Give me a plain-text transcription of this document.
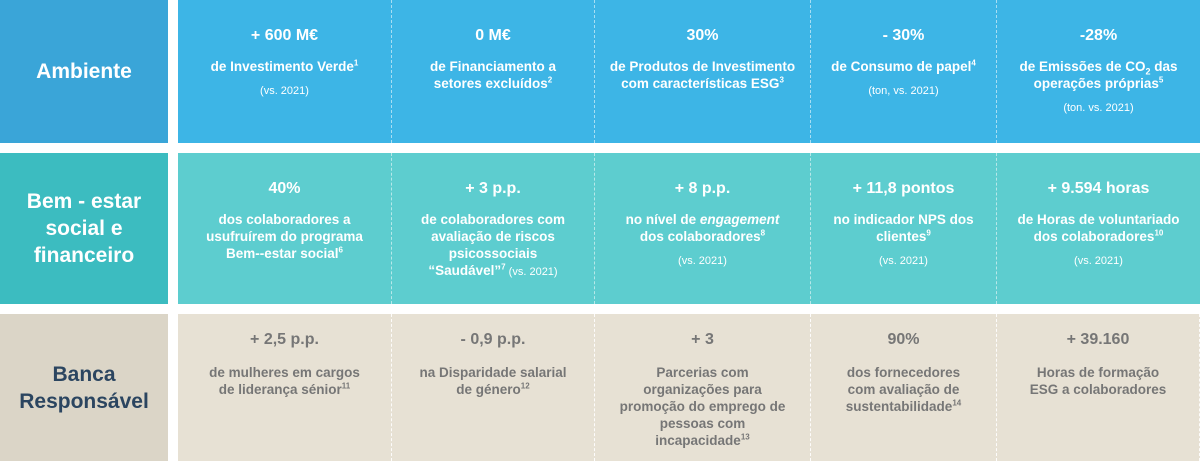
Ambiente
+ 600 M€
de Investimento Verde$^1$
(vs. 2021)
0 M€
de Financiamento a
setores excluídos$^2$
30%
de Produtos de Investimento
com características ESG$^3$
- 30%
de Consumo de papel$^4$
(ton, vs. 2021)
-28%
de Emissões de $CO_2$ das
operações próprias$^5$
(ton. vs. 2021)
Bem - estar
social e
financeiro
40%
dos colaboradores a
usufruírem do programa
Bem--estar social$^6$
+ 3 p.p.
de colaboradores com
avaliação de riscos
psicossociais
“Saudável”$^7$ (vs. 2021)
+ 8 p.p.
no nível de engagement
dos colaboradores$^8$
(vs. 2021)
+ 11,8 pontos
no indicador NPS dos
clientes$^9$
(vs. 2021)
+ 9.594 horas
de Horas de voluntariado
dos colaboradores$^{10}$
(vs. 2021)
Banca
Responsável
+ 2,5 p.p.
de mulheres em cargos
de liderança sénior$^{11}$
- 0,9 p.p.
na Disparidade salarial
de género$^{12}$
+ 3
Parcerias com
organizações para
promoção do emprego de
pessoas com
incapacidade$^{13}$
90%
dos fornecedores
com avaliação de
sustentabilidade$^{14}$
+ 39.160
Horas de formação
ESG a colaboradores
